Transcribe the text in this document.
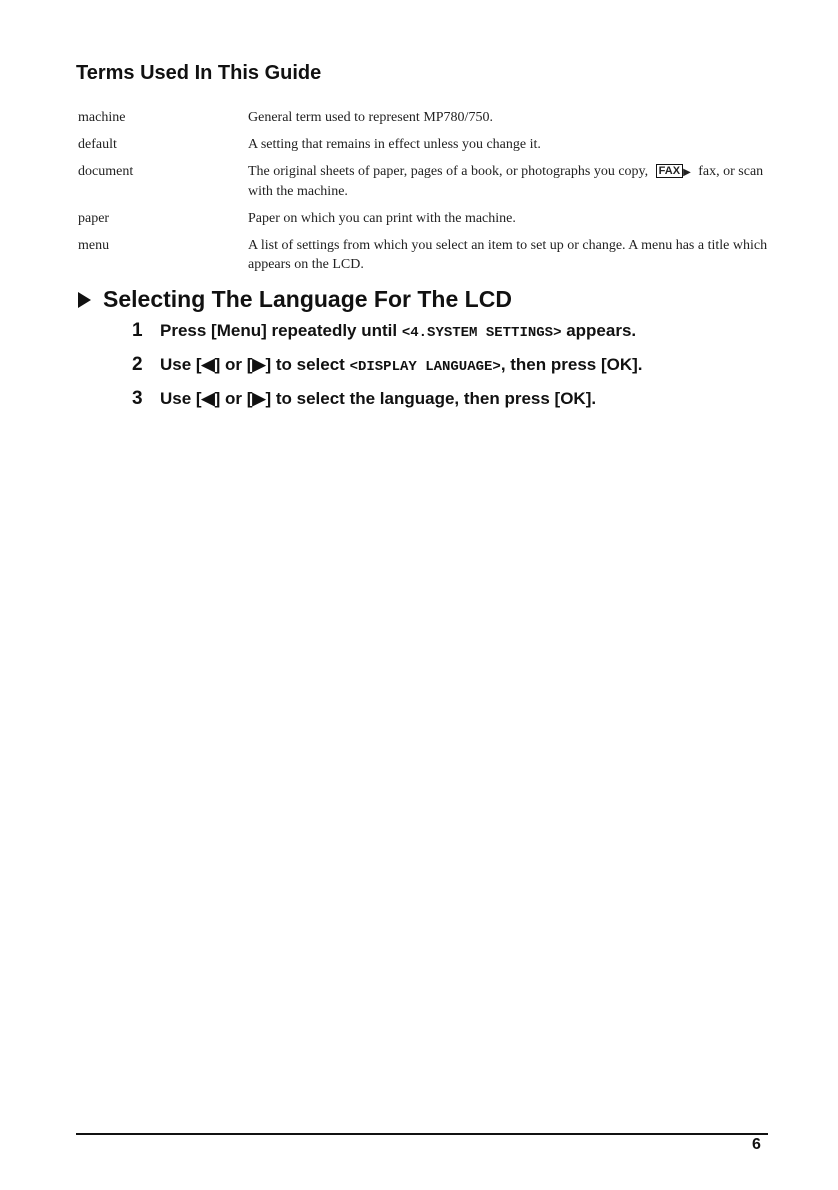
Terms Used In This Guide
machine	General term used to represent MP780/750.
default	A setting that remains in effect unless you change it.
document	The original sheets of paper, pages of a book, or photographs you copy, FAX ▶ fax, or scan with the machine.
paper	Paper on which you can print with the machine.
menu	A list of settings from which you select an item to set up or change. A menu has a title which appears on the LCD.
Selecting The Language For The LCD
1	Press [Menu] repeatedly until <4.SYSTEM SETTINGS> appears.
2	Use [◀] or [▶] to select <DISPLAY LANGUAGE>, then press [OK].
3	Use [◀] or [▶] to select the language, then press [OK].
6
